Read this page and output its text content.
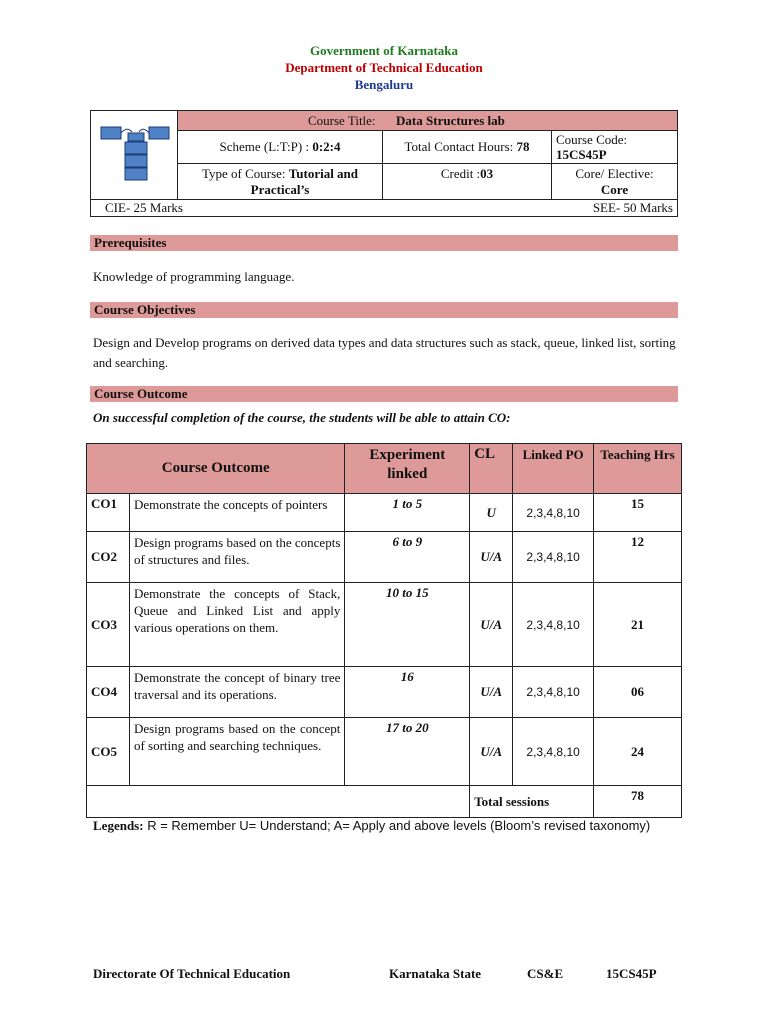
Government of Karnataka
Department of Technical Education
Bengaluru
	Course Title: Data Structures lab		
	Scheme (L:T:P) : 0:2:4	Total Contact Hours: 78	Course Code:
15CS45P
	Type of Course: Tutorial and Practical’s	Credit :03	Core/ Elective:
Core
CIE- 25 Marks SEE- 50 Marks			
Prerequisites
Knowledge of programming language.
Course Objectives
Design and Develop programs on derived data types and data structures such as stack, queue, linked list, sorting and searching.
Course Outcome
On successful completion of the course, the students will be able to attain CO:
Course Outcome		Experiment linked	CL	Linked PO	Teaching Hrs
CO1	Demonstrate the concepts of pointers	1 to 5	U	2,3,4,8,10	15
CO2	Design programs based on the concepts of structures and files.	6 to 9	U/A	2,3,4,8,10	12
CO3	Demonstrate the concepts of Stack, Queue and Linked List and apply various operations on them.	10 to 15	U/A	2,3,4,8,10	21
CO4	Demonstrate the concept of binary tree traversal and its operations.	16	U/A	2,3,4,8,10	06
CO5	Design programs based on the concept of sorting and searching techniques.	17 to 20	U/A	2,3,4,8,10	24
			Total sessions		78
Legends: R = Remember U= Understand; A= Apply and above levels (Bloom’s revised taxonomy)
Directorate Of Technical Education	Karnataka State	CS&E	15CS45P
